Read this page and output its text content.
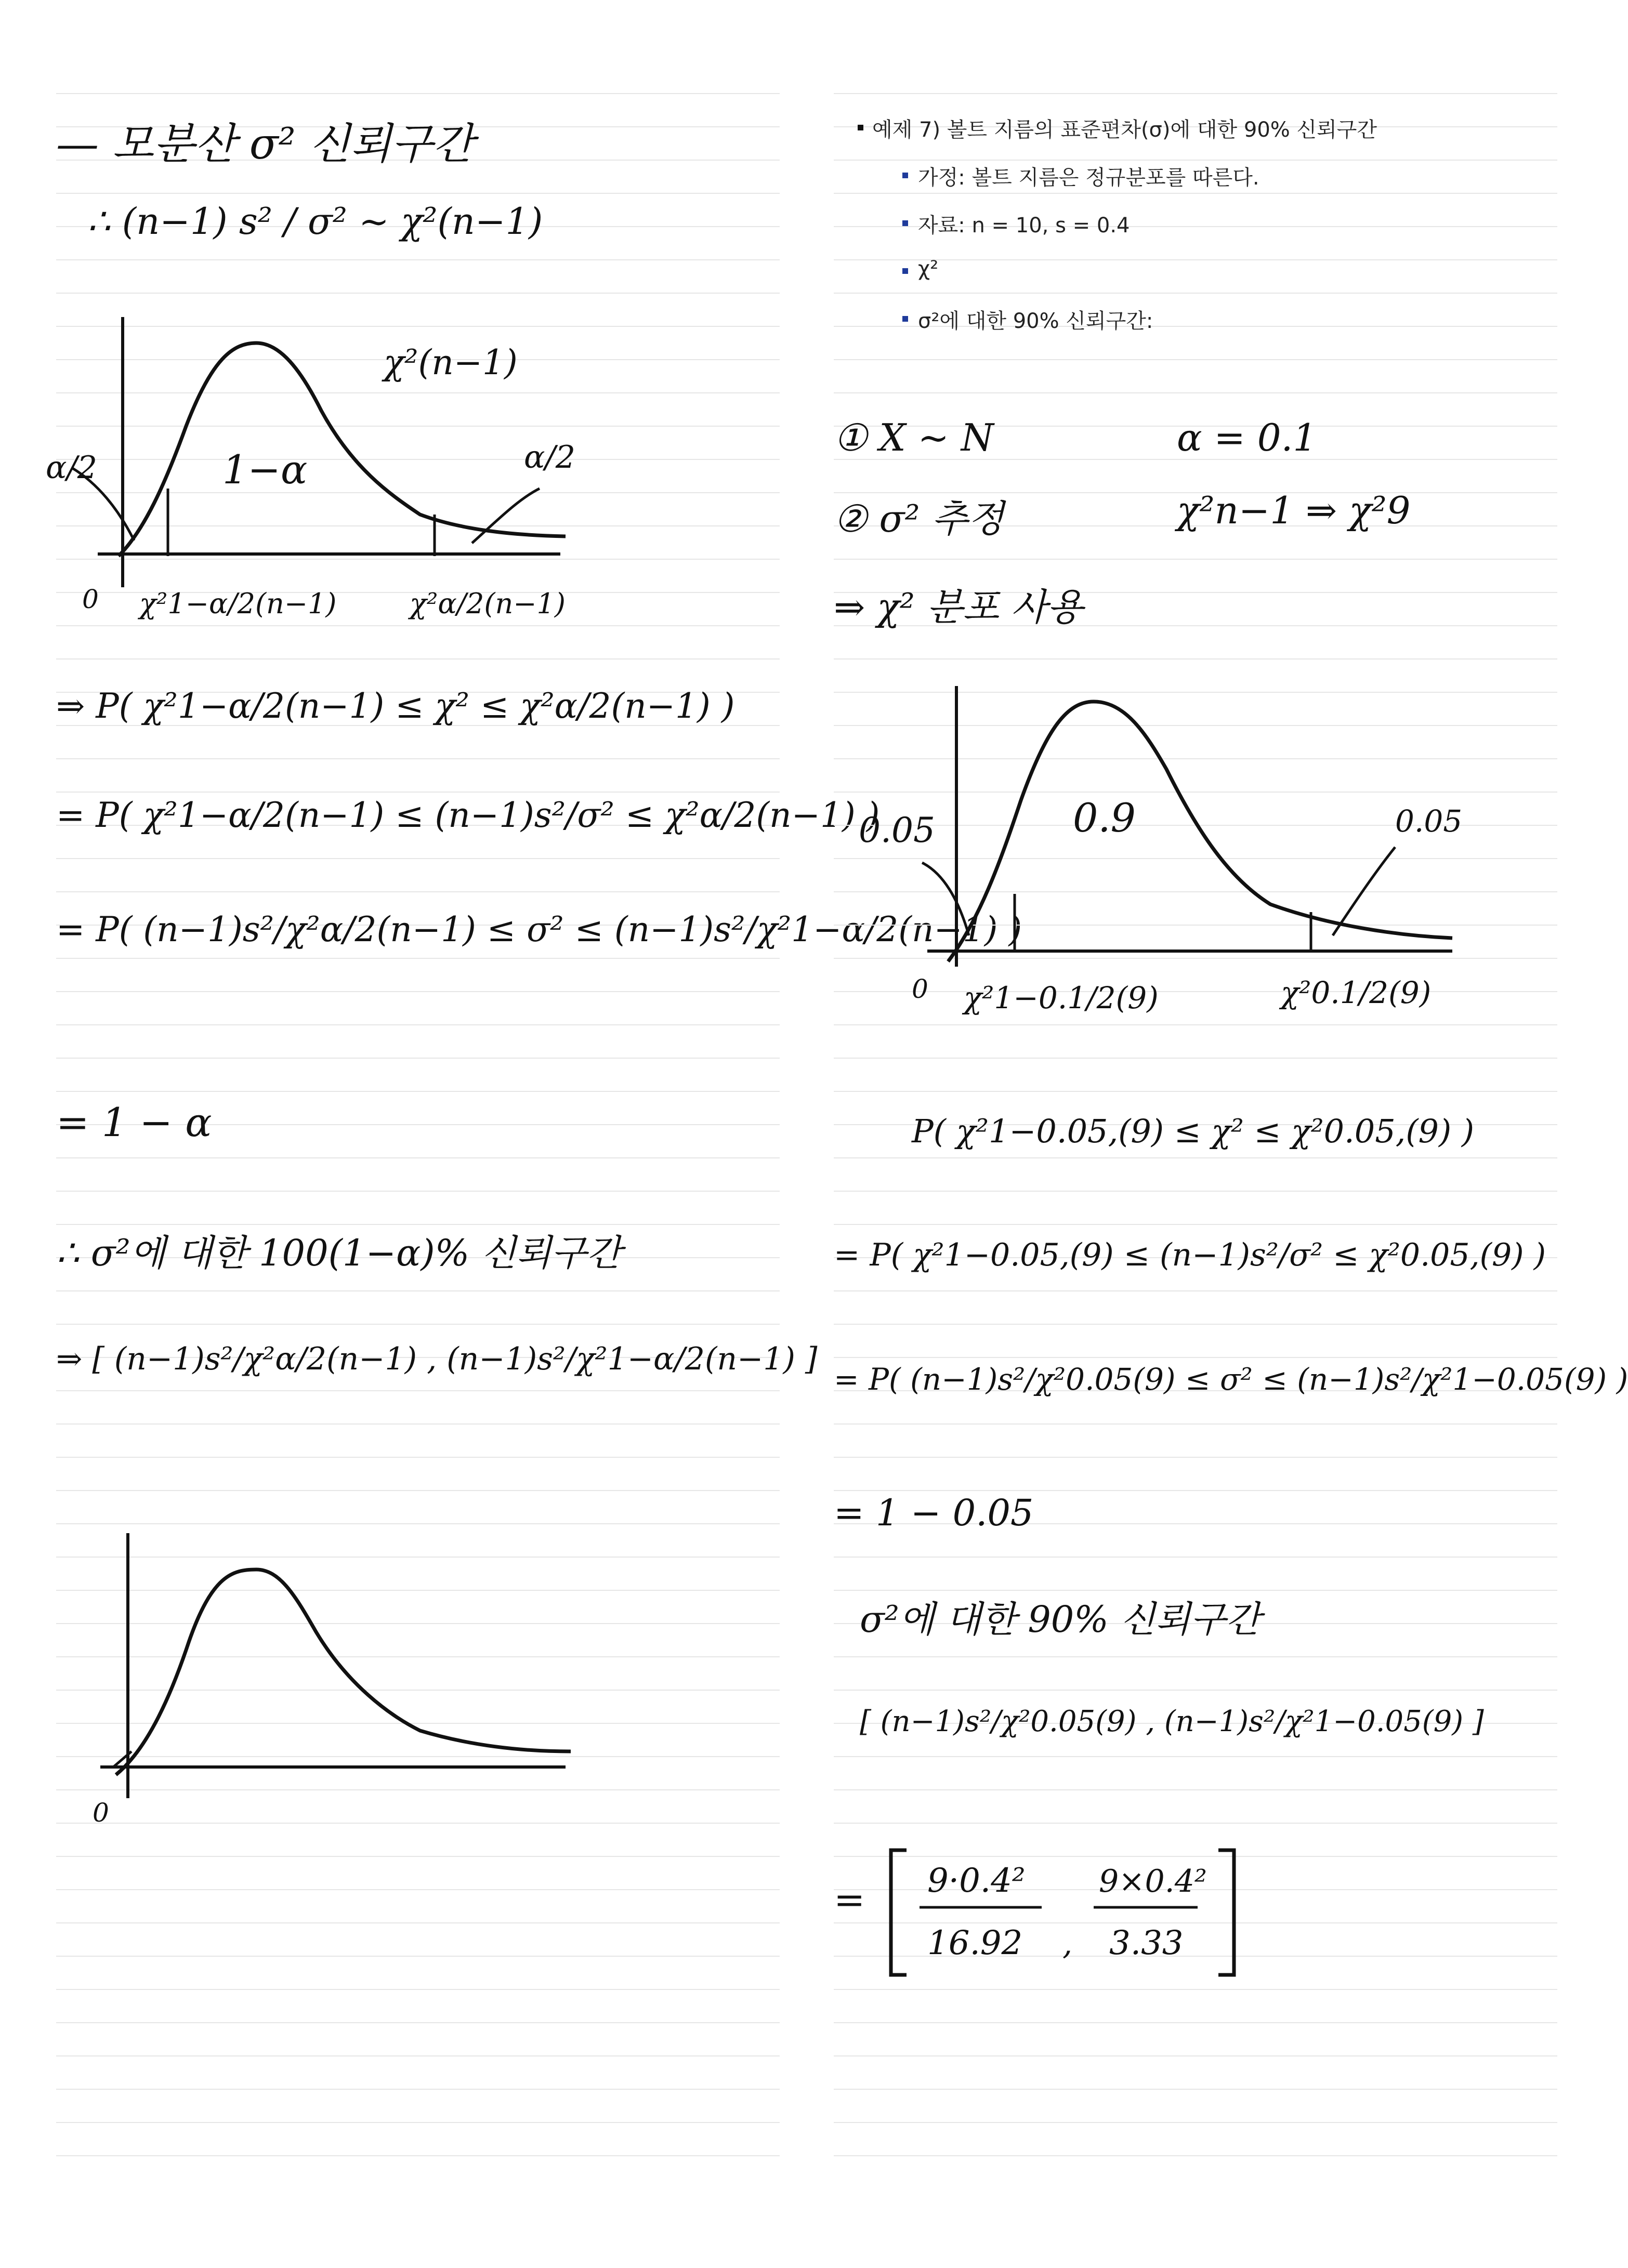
— 모분산 σ² 신뢰구간
∴ (n−1) s² / σ² ~ χ²(n−1)
χ²(n−1)
α/2	1−α	α/2
0 χ²1−α/2(n−1)	χ²α/2(n−1)
⇒ P( χ²1−α/2(n−1) ≤ χ² ≤ χ²α/2(n−1) )
= P( χ²1−α/2(n−1) ≤ (n−1)s²/σ² ≤ χ²α/2(n−1) )
= P( (n−1)s²/χ²α/2(n−1) ≤ σ² ≤ (n−1)s²/χ²1−α/2(n−1) )
= 1 − α
∴ σ²에 대한 100(1−α)% 신뢰구간
⇒ [ (n−1)s²/χ²α/2(n−1) , (n−1)s²/χ²1−α/2(n−1) ]
0
예제 7) 볼트 지름의 표준편차(σ)에 대한 90% 신뢰구간
가정: 볼트 지름은 정규분포를 따른다.
자료: n = 10, s = 0.4
χ²
σ²에 대한 90% 신뢰구간:
① X ~ N	α = 0.1
② σ² 추정	χ²n−1 ⇒ χ²9
⇒ χ² 분포 사용
0.05	0.9	0.05
0 χ²1−0.1/2(9)	χ²0.1/2(9)
P( χ²1−0.05,(9) ≤ χ² ≤ χ²0.05,(9) )
= P( χ²1−0.05,(9) ≤ (n−1)s²/σ² ≤ χ²0.05,(9) )
= P( (n−1)s²/χ²0.05(9) ≤ σ² ≤ (n−1)s²/χ²1−0.05(9) )
= 1 − 0.05
σ²에 대한 90% 신뢰구간
[ (n−1)s²/χ²0.05(9) , (n−1)s²/χ²1−0.05(9) ]
= 9·0.4²
16.92 ,
9×0.4²
3.33
